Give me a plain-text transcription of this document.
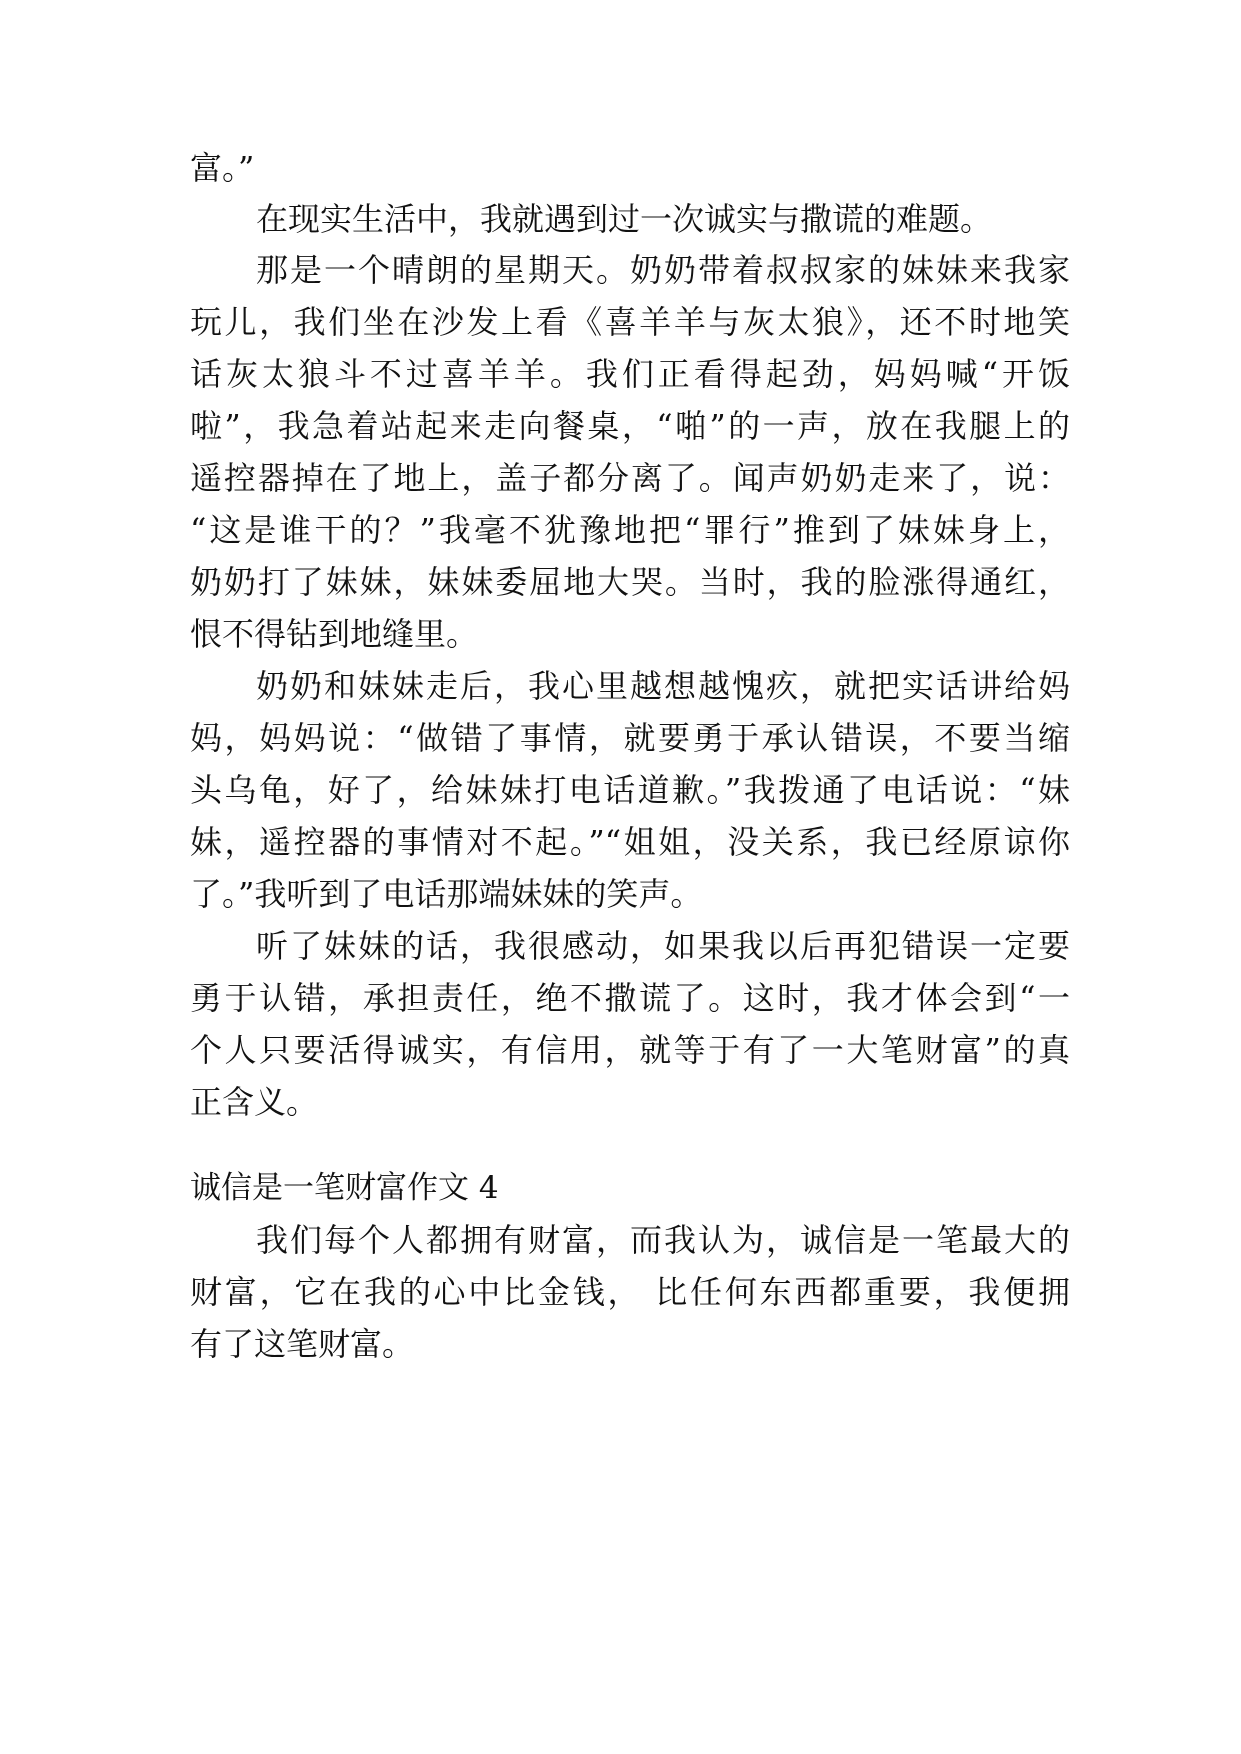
富。”
在现实生活中，我就遇到过一次诚实与撒谎的难题。
那是一个晴朗的星期天。奶奶带着叔叔家的妹妹来我家
玩儿，我们坐在沙发上看《喜羊羊与灰太狼》，还不时地笑
话灰太狼斗不过喜羊羊。我们正看得起劲，妈妈喊“开饭
啦”，我急着站起来走向餐桌，“啪”的一声，放在我腿上的
遥控器掉在了地上，盖子都分离了。闻声奶奶走来了，说：
“这是谁干的？”我毫不犹豫地把“罪行”推到了妹妹身上，
奶奶打了妹妹，妹妹委屈地大哭。当时，我的脸涨得通红，
恨不得钻到地缝里。
奶奶和妹妹走后，我心里越想越愧疚，就把实话讲给妈
妈，妈妈说：“做错了事情，就要勇于承认错误，不要当缩
头乌龟，好了，给妹妹打电话道歉。”我拨通了电话说：“妹
妹，遥控器的事情对不起。”“姐姐，没关系，我已经原谅你
了。”我听到了电话那端妹妹的笑声。
听了妹妹的话，我很感动，如果我以后再犯错误一定要
勇于认错，承担责任，绝不撒谎了。这时，我才体会到“一
个人只要活得诚实，有信用，就等于有了一大笔财富”的真
正含义。
诚信是一笔财富作文 4
我们每个人都拥有财富，而我认为，诚信是一笔最大的
财富，它在我的心中比金钱， 比任何东西都重要，我便拥
有了这笔财富。
